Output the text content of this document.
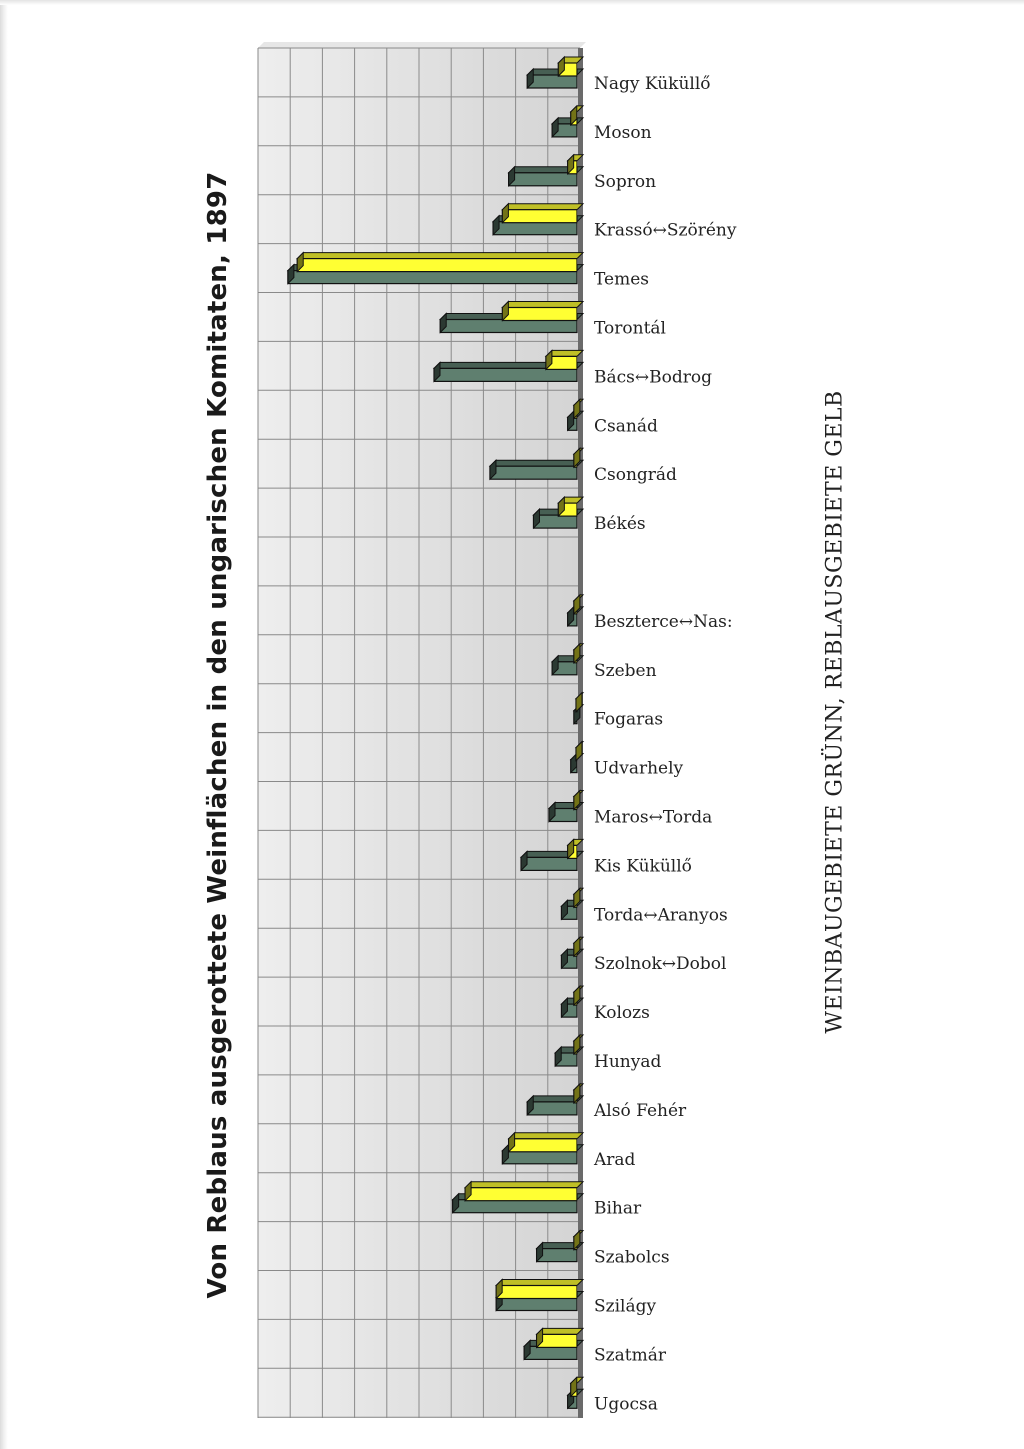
Von Reblaus ausgerottete Weinflächen in den ungarischen Komitaten, 1897
Nagy Küküllő
Moson
Sopron
Krassó↔Szörény
Temes
Torontál
Bács↔Bodrog
Csanád
Csongrád
Békés
Beszterce↔Nas:
Szeben
Fogaras
Udvarhely
Maros↔Torda
Kis Küküllő
Torda↔Aranyos
Szolnok↔Dobol
Kolozs
Hunyad
Alsó Fehér
Arad
Bihar
Szabolcs
Szilágy
Szatmár
Ugocsa
WEINBAUGEBIETE GRÜNN, REBLAUSGEBIETE GELB
